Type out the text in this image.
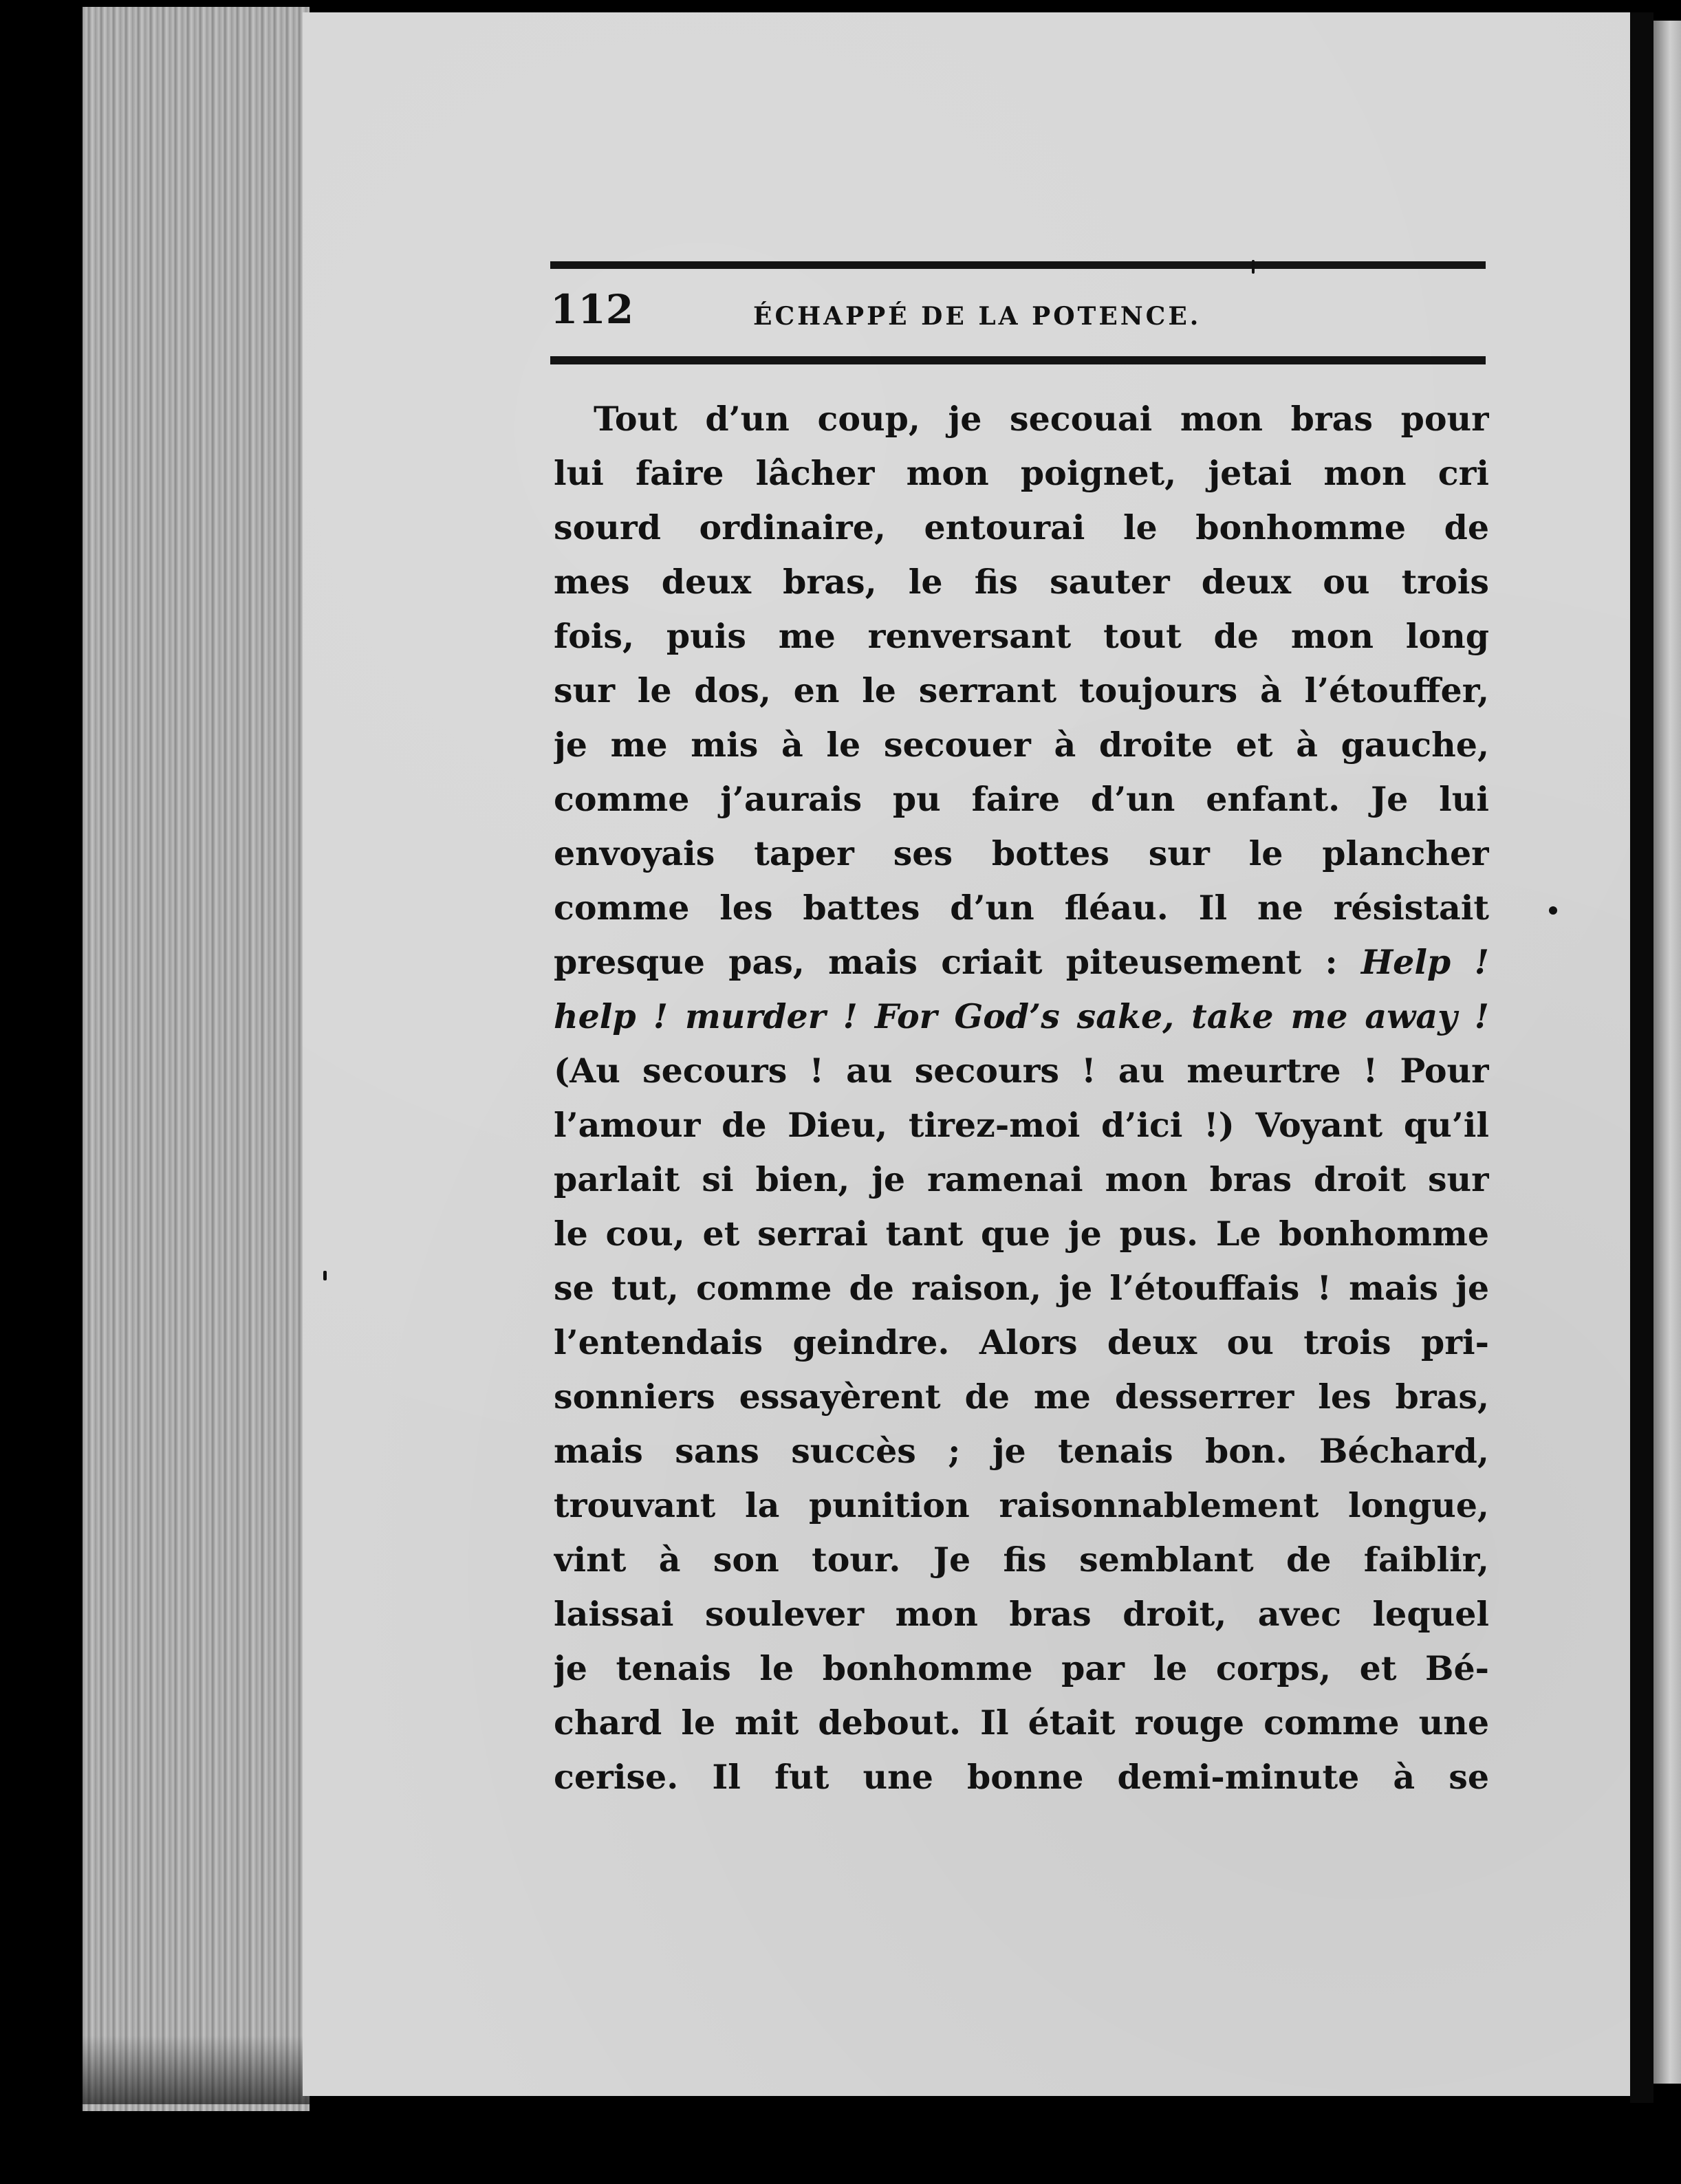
112	ÉCHAPPÉ DE LA POTENCE.
Tout d’un coup, je secouai mon bras pour
lui faire lâcher mon poignet, jetai mon cri
sourd ordinaire, entourai le bonhomme de
mes deux bras, le fis sauter deux ou trois
fois, puis me renversant tout de mon long
sur le dos, en le serrant toujours à l’étouffer,
je me mis à le secouer à droite et à gauche,
comme j’aurais pu faire d’un enfant. Je lui
envoyais taper ses bottes sur le plancher
comme les battes d’un fléau. Il ne résistait
presque pas, mais criait piteusement : Help !
help ! murder ! For God’s sake, take me away !
(Au secours ! au secours ! au meurtre ! Pour
l’amour de Dieu, tirez-moi d’ici !) Voyant qu’il
parlait si bien, je ramenai mon bras droit sur
le cou, et serrai tant que je pus. Le bonhomme
se tut, comme de raison, je l’étouffais ! mais je
l’entendais geindre. Alors deux ou trois pri-
sonniers essayèrent de me desserrer les bras,
mais sans succès ; je tenais bon. Béchard,
trouvant la punition raisonnablement longue,
vint à son tour. Je fis semblant de faiblir,
laissai soulever mon bras droit, avec lequel
je tenais le bonhomme par le corps, et Bé-
chard le mit debout. Il était rouge comme une
cerise. Il fut une bonne demi-minute à se
